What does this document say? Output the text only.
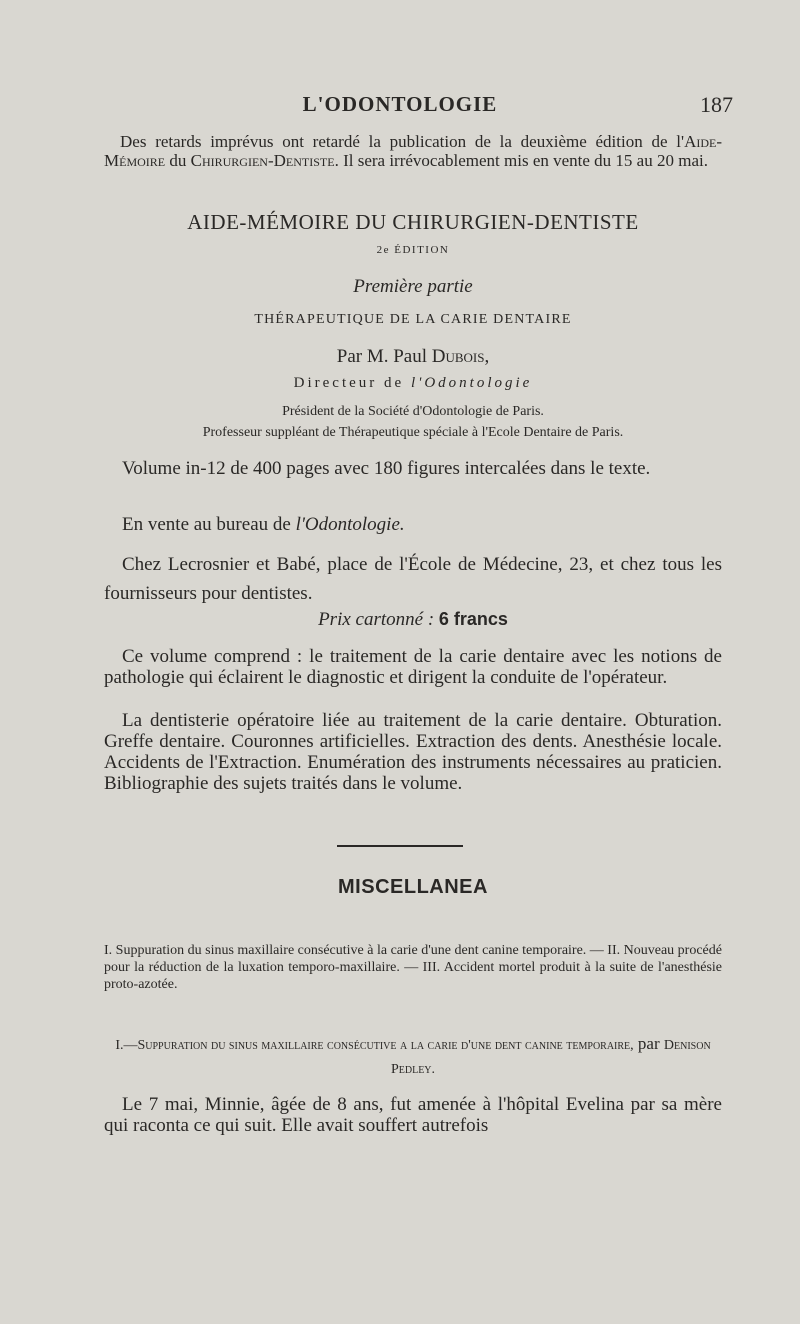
L'ODONTOLOGIE	187

Des retards imprévus ont retardé la publication de la deuxième édition de l'Aide-Mémoire du Chirurgien-Dentiste. Il sera irrévocablement mis en vente du 15 au 20 mai.

AIDE-MÉMOIRE DU CHIRURGIEN-DENTISTE
2e ÉDITION
Première partie
THÉRAPEUTIQUE DE LA CARIE DENTAIRE
Par M. Paul Dubois,
Directeur de l'Odontologie
Président de la Société d'Odontologie de Paris.
Professeur suppléant de Thérapeutique spéciale à l'Ecole Dentaire de Paris.

Volume in-12 de 400 pages avec 180 figures intercalées dans le texte.

En vente au bureau de l'Odontologie.

Chez Lecrosnier et Babé, place de l'École de Médecine, 23, et chez tous les fournisseurs pour dentistes.

Prix cartonné : 6 francs

Ce volume comprend : le traitement de la carie dentaire avec les notions de pathologie qui éclairent le diagnostic et dirigent la conduite de l'opérateur.

La dentisterie opératoire liée au traitement de la carie dentaire. Obturation. Greffe dentaire. Couronnes artificielles. Extraction des dents. Anesthésie locale. Accidents de l'Extraction. Enumération des instruments nécessaires au praticien. Bibliographie des sujets traités dans le volume.

MISCELLANEA

I. Suppuration du sinus maxillaire consécutive à la carie d'une dent canine temporaire. — II. Nouveau procédé pour la réduction de la luxation temporo-maxillaire. — III. Accident mortel produit à la suite de l'anesthésie proto-azotée.

I.—Suppuration du sinus maxillaire consécutive a la carie d'une dent canine temporaire, par Denison Pedley.

Le 7 mai, Minnie, âgée de 8 ans, fut amenée à l'hôpital Evelina par sa mère qui raconta ce qui suit. Elle avait souffert autrefois
